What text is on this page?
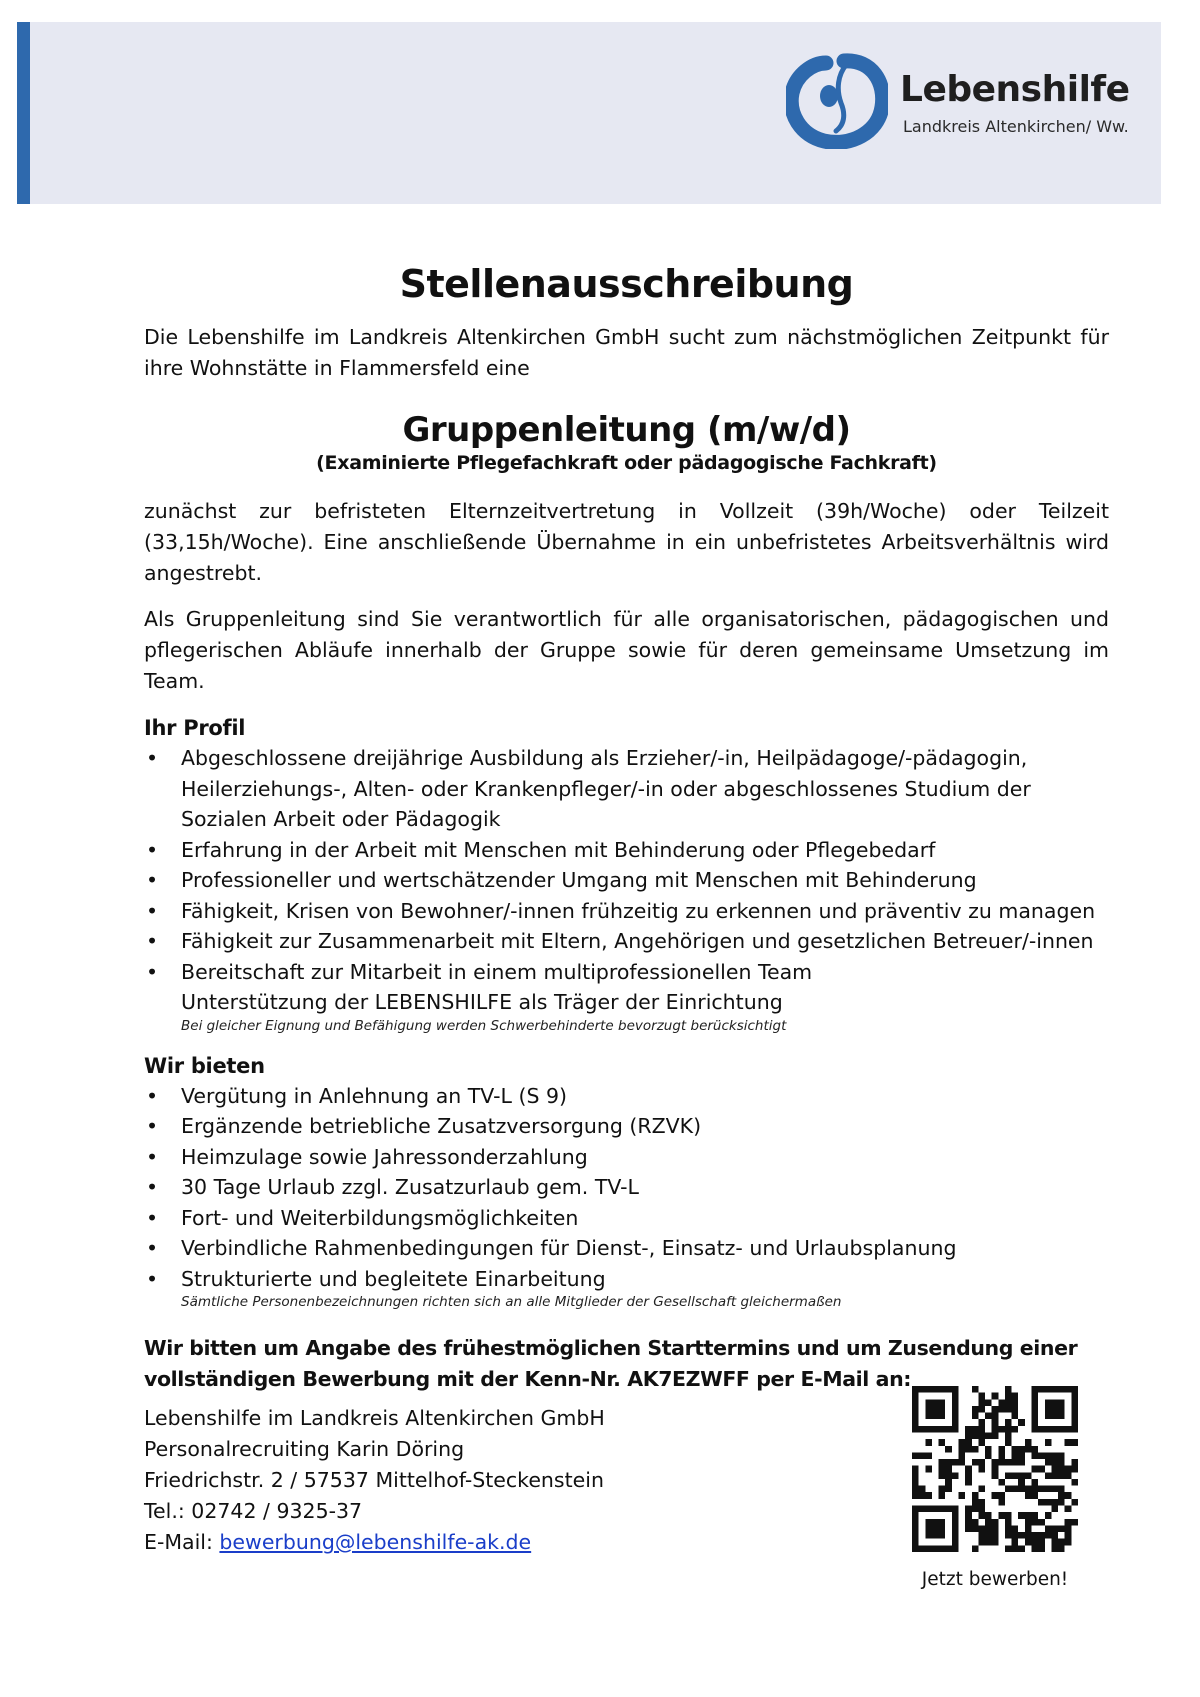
Lebenshilfe
Landkreis Altenkirchen/ Ww.
Stellenausschreibung

Die Lebenshilfe im Landkreis Altenkirchen GmbH sucht zum nächstmöglichen Zeitpunkt für ihre Wohnstätte in Flammersfeld eine

Gruppenleitung (m/w/d)
(Examinierte Pflegefachkraft oder pädagogische Fachkraft)

zunächst zur befristeten Elternzeitvertretung in Vollzeit (39h/Woche) oder Teilzeit (33,15h/Woche). Eine anschließende Übernahme in ein unbefristetes Arbeitsverhältnis wird angestrebt.

Als Gruppenleitung sind Sie verantwortlich für alle organisatorischen, pädagogischen und pflegerischen Abläufe innerhalb der Gruppe sowie für deren gemeinsame Umsetzung im Team.

Ihr Profil
• Abgeschlossene dreijährige Ausbildung als Erzieher/-in, Heilpädagoge/-pädagogin, Heilerziehungs-, Alten- oder Krankenpfleger/-in oder abgeschlossenes Studium der Sozialen Arbeit oder Pädagogik
• Erfahrung in der Arbeit mit Menschen mit Behinderung oder Pflegebedarf
• Professioneller und wertschätzender Umgang mit Menschen mit Behinderung
• Fähigkeit, Krisen von Bewohner/-innen frühzeitig zu erkennen und präventiv zu managen
• Fähigkeit zur Zusammenarbeit mit Eltern, Angehörigen und gesetzlichen Betreuer/-innen
• Bereitschaft zur Mitarbeit in einem multiprofessionellen Team
Unterstützung der LEBENSHILFE als Träger der Einrichtung
Bei gleicher Eignung und Befähigung werden Schwerbehinderte bevorzugt berücksichtigt
Wir bieten
• Vergütung in Anlehnung an TV-L (S 9)
• Ergänzende betriebliche Zusatzversorgung (RZVK)
• Heimzulage sowie Jahressonderzahlung
• 30 Tage Urlaub zzgl. Zusatzurlaub gem. TV-L
• Fort- und Weiterbildungsmöglichkeiten
• Verbindliche Rahmenbedingungen für Dienst-, Einsatz- und Urlaubsplanung
• Strukturierte und begleitete Einarbeitung
Sämtliche Personenbezeichnungen richten sich an alle Mitglieder der Gesellschaft gleichermaßen
Wir bitten um Angabe des frühestmöglichen Starttermins und um Zusendung einer vollständigen Bewerbung mit der Kenn-Nr. AK7EZWFF per E-Mail an:
Lebenshilfe im Landkreis Altenkirchen GmbH
Personalrecruiting Karin Döring
Friedrichstr. 2 / 57537 Mittelhof-Steckenstein
Tel.: 02742 / 9325-37
E-Mail: bewerbung@lebenshilfe-ak.de
Jetzt bewerben!
